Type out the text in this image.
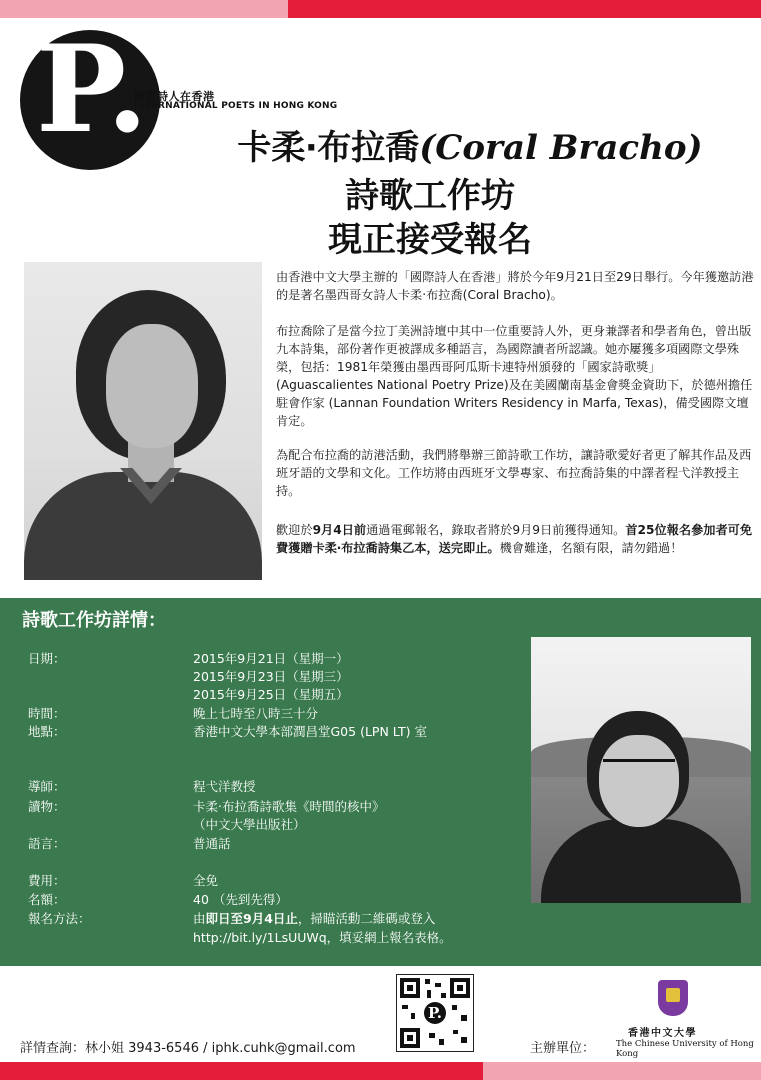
P.
國際詩人在香港
INTERNATIONAL POETS IN HONG KONG
卡柔‧布拉喬(Coral Bracho)
詩歌工作坊
現正接受報名
由香港中文大學主辦的「國際詩人在香港」將於今年9月21日至29日舉行。今年獲邀訪港的是著名墨西哥女詩人卡柔‧布拉喬(Coral Bracho)。
布拉喬除了是當今拉丁美洲詩壇中其中一位重要詩人外，更身兼譯者和學者角色，曾出版九本詩集，部份著作更被譯成多種語言，為國際讀者所認識。她亦屢獲多項國際文學殊榮，包括：1981年榮獲由墨西哥阿瓜斯卡連特州頒發的「國家詩歌獎」 (Aguascalientes National Poetry Prize)及在美國蘭南基金會獎金資助下，於德州擔任駐會作家 (Lannan Foundation Writers Residency in Marfa, Texas)，備受國際文壇肯定。
為配合布拉喬的訪港活動，我們將舉辦三節詩歌工作坊，讓詩歌愛好者更了解其作品及西班牙語的文學和文化。工作坊將由西班牙文學專家、布拉喬詩集的中譯者程弋洋教授主持。
歡迎於9月4日前通過電郵報名，錄取者將於9月9日前獲得通知。首25位報名參加者可免費獲贈卡柔‧布拉喬詩集乙本，送完即止。機會難逢，名額有限，請勿錯過！
詩歌工作坊詳情：
日期：	2015年9月21日（星期一）
2015年9月23日（星期三）
2015年9月25日（星期五）
時間：	晚上七時至八時三十分
地點：	香港中文大學本部潤昌堂G05 (LPN LT) 室
導師：	程弋洋教授
讀物：	卡柔‧布拉喬詩歌集《時間的核中》
（中文大學出版社）
語言：	普通話
費用：	全免
名額：	40 （先到先得）
報名方法：	由即日至9月4日止，掃瞄活動二維碼或登入
http://bit.ly/1LsUUWq，填妥網上報名表格。
P.
詳情查詢：林小姐 3943-6546 / iphk.cuhk@gmail.com	主辦單位：
香港中文大學
The Chinese University of Hong Kong
